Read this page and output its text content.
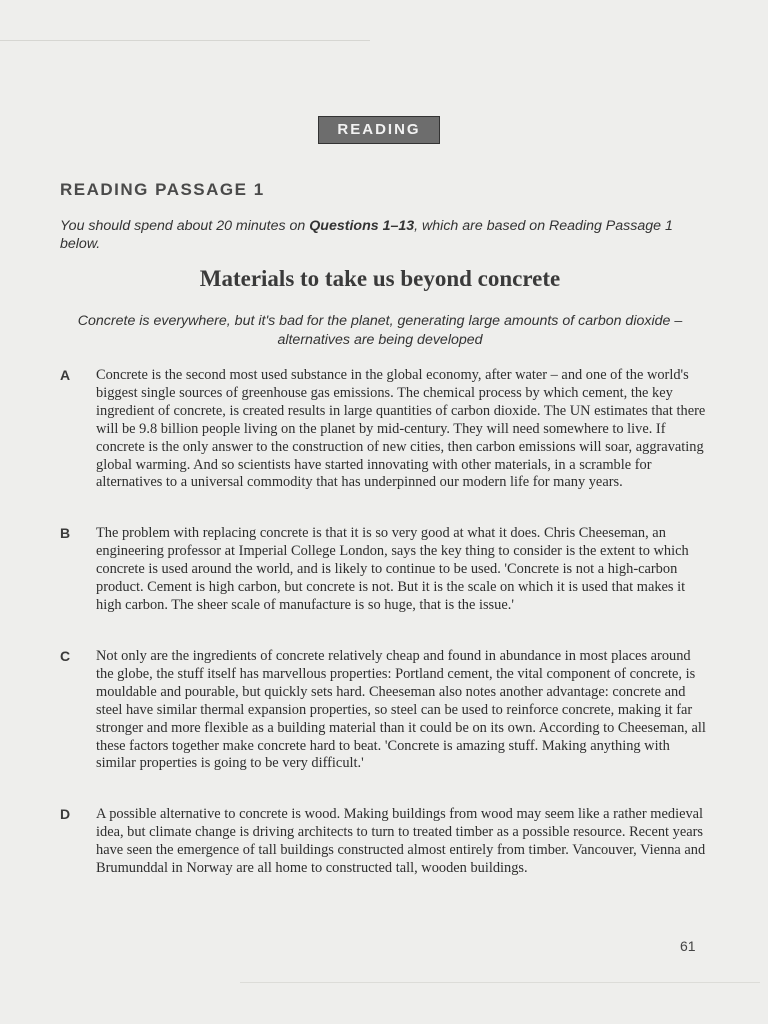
READING
READING PASSAGE 1
You should spend about 20 minutes on Questions 1–13, which are based on Reading Passage 1 below.
Materials to take us beyond concrete
Concrete is everywhere, but it's bad for the planet, generating large amounts of carbon dioxide – alternatives are being developed
A Concrete is the second most used substance in the global economy, after water – and one of the world's biggest single sources of greenhouse gas emissions. The chemical process by which cement, the key ingredient of concrete, is created results in large quantities of carbon dioxide. The UN estimates that there will be 9.8 billion people living on the planet by mid-century. They will need somewhere to live. If concrete is the only answer to the construction of new cities, then carbon emissions will soar, aggravating global warming. And so scientists have started innovating with other materials, in a scramble for alternatives to a universal commodity that has underpinned our modern life for many years.
B The problem with replacing concrete is that it is so very good at what it does. Chris Cheeseman, an engineering professor at Imperial College London, says the key thing to consider is the extent to which concrete is used around the world, and is likely to continue to be used. 'Concrete is not a high-carbon product. Cement is high carbon, but concrete is not. But it is the scale on which it is used that makes it high carbon. The sheer scale of manufacture is so huge, that is the issue.'
C Not only are the ingredients of concrete relatively cheap and found in abundance in most places around the globe, the stuff itself has marvellous properties: Portland cement, the vital component of concrete, is mouldable and pourable, but quickly sets hard. Cheeseman also notes another advantage: concrete and steel have similar thermal expansion properties, so steel can be used to reinforce concrete, making it far stronger and more flexible as a building material than it could be on its own. According to Cheeseman, all these factors together make concrete hard to beat. 'Concrete is amazing stuff. Making anything with similar properties is going to be very difficult.'
D A possible alternative to concrete is wood. Making buildings from wood may seem like a rather medieval idea, but climate change is driving architects to turn to treated timber as a possible resource. Recent years have seen the emergence of tall buildings constructed almost entirely from timber. Vancouver, Vienna and Brumunddal in Norway are all home to constructed tall, wooden buildings.
61
